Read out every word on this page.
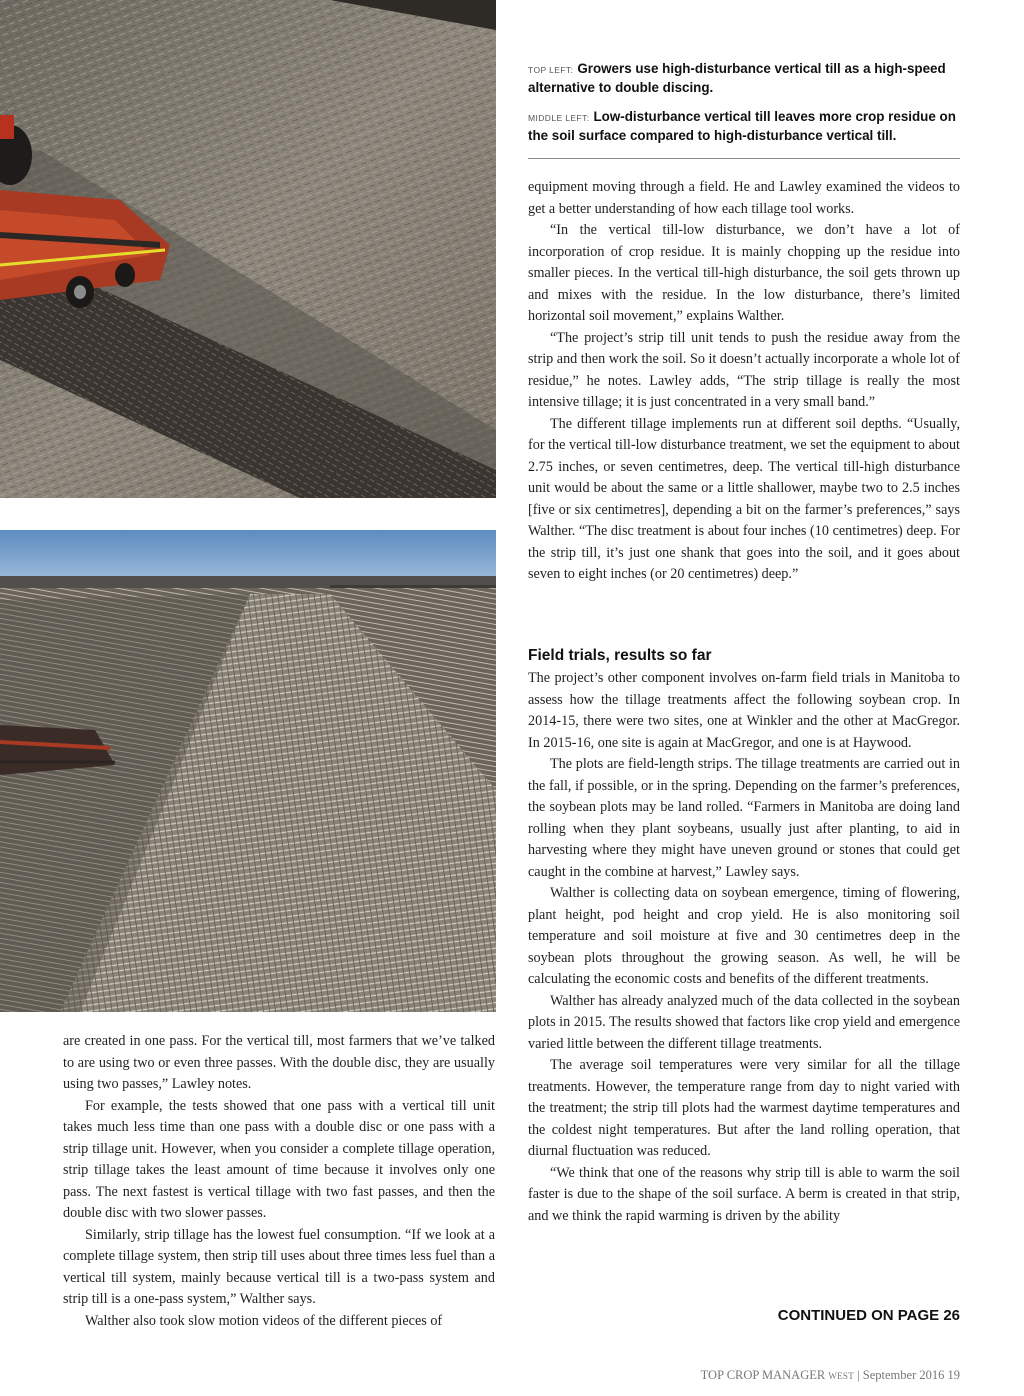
TOP LEFT: Growers use high-disturbance vertical till as a high-speed alternative to double discing.

MIDDLE LEFT: Low-disturbance vertical till leaves more crop residue on the soil surface compared to high-disturbance vertical till.

equipment moving through a field. He and Lawley examined the videos to get a better understanding of how each tillage tool works.

“In the vertical till-low disturbance, we don’t have a lot of incorporation of crop residue. It is mainly chopping up the residue into smaller pieces. In the vertical till-high disturbance, the soil gets thrown up and mixes with the residue. In the low disturbance, there’s limited horizontal soil movement,” explains Walther.

“The project’s strip till unit tends to push the residue away from the strip and then work the soil. So it doesn’t actually incorporate a whole lot of residue,” he notes. Lawley adds, “The strip tillage is really the most intensive tillage; it is just concentrated in a very small band.”

The different tillage implements run at different soil depths. “Usually, for the vertical till-low disturbance treatment, we set the equipment to about 2.75 inches, or seven centimetres, deep. The vertical till-high disturbance unit would be about the same or a little shallower, maybe two to 2.5 inches [five or six centimetres], depending a bit on the farmer’s preferences,” says Walther. “The disc treatment is about four inches (10 centimetres) deep. For the strip till, it’s just one shank that goes into the soil, and it goes about seven to eight inches (or 20 centimetres) deep.”

Field trials, results so far

The project’s other component involves on-farm field trials in Manitoba to assess how the tillage treatments affect the following soybean crop. In 2014-15, there were two sites, one at Winkler and the other at MacGregor. In 2015-16, one site is again at MacGregor, and one is at Haywood.

The plots are field-length strips. The tillage treatments are carried out in the fall, if possible, or in the spring. Depending on the farmer’s preferences, the soybean plots may be land rolled. “Farmers in Manitoba are doing land rolling when they plant soybeans, usually just after planting, to aid in harvesting where they might have uneven ground or stones that could get caught in the combine at harvest,” Lawley says.

Walther is collecting data on soybean emergence, timing of flowering, plant height, pod height and crop yield. He is also monitoring soil temperature and soil moisture at five and 30 centimetres deep in the soybean plots throughout the growing season. As well, he will be calculating the economic costs and benefits of the different treatments.

Walther has already analyzed much of the data collected in the soybean plots in 2015. The results showed that factors like crop yield and emergence varied little between the different tillage treatments.

The average soil temperatures were very similar for all the tillage treatments. However, the temperature range from day to night varied with the treatment; the strip till plots had the warmest daytime temperatures and the coldest night temperatures. But after the land rolling operation, that diurnal fluctuation was reduced.

“We think that one of the reasons why strip till is able to warm the soil faster is due to the shape of the soil surface. A berm is created in that strip, and we think the rapid warming is driven by the ability

are created in one pass. For the vertical till, most farmers that we’ve talked to are using two or even three passes. With the double disc, they are usually using two passes,” Lawley notes.

For example, the tests showed that one pass with a vertical till unit takes much less time than one pass with a double disc or one pass with a strip tillage unit. However, when you consider a complete tillage operation, strip tillage takes the least amount of time because it involves only one pass. The next fastest is vertical tillage with two fast passes, and then the double disc with two slower passes.

Similarly, strip tillage has the lowest fuel consumption. “If we look at a complete tillage system, then strip till uses about three times less fuel than a vertical till system, mainly because vertical till is a two-pass system and strip till is a one-pass system,” Walther says.

Walther also took slow motion videos of the different pieces of	CONTINUED ON PAGE 26
TOP CROP MANAGER WEST | September 2016 19
